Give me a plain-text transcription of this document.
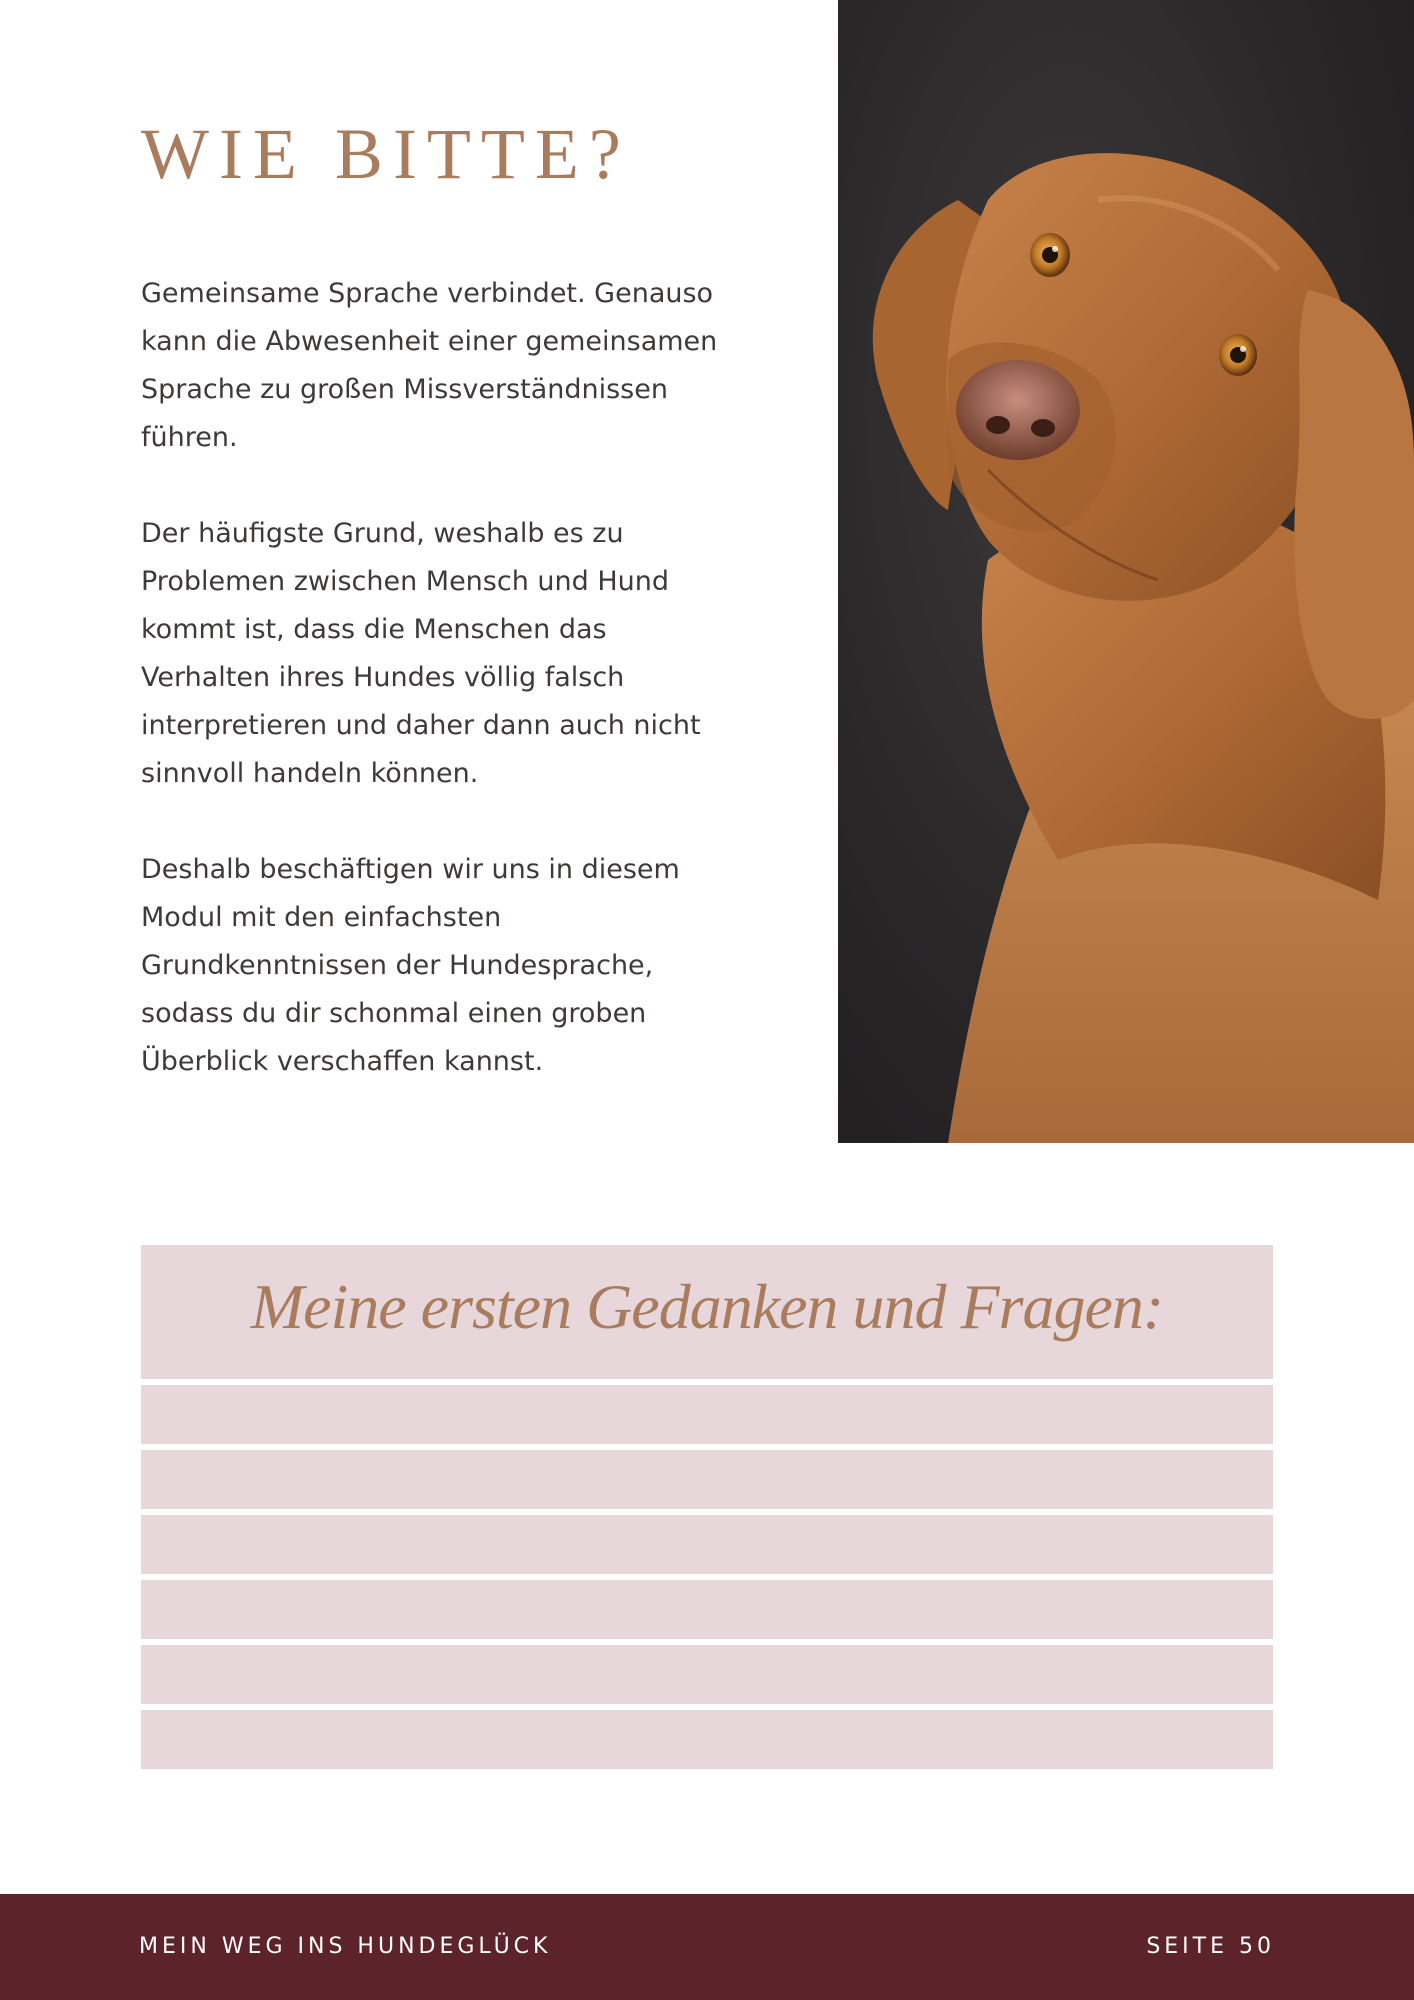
WIE BITTE?

Gemeinsame Sprache verbindet. Genauso kann die Abwesenheit einer gemeinsamen Sprache zu großen Missverständnissen führen.

Der häufigste Grund, weshalb es zu Problemen zwischen Mensch und Hund kommt ist, dass die Menschen das Verhalten ihres Hundes völlig falsch interpretieren und daher dann auch nicht sinnvoll handeln können.

Deshalb beschäftigen wir uns in diesem Modul mit den einfachsten Grundkenntnissen der Hundesprache, sodass du dir schonmal einen groben Überblick verschaffen kannst.

Meine ersten Gedanken und Fragen:
MEIN WEG INS HUNDEGLÜCK	SEITE 50
